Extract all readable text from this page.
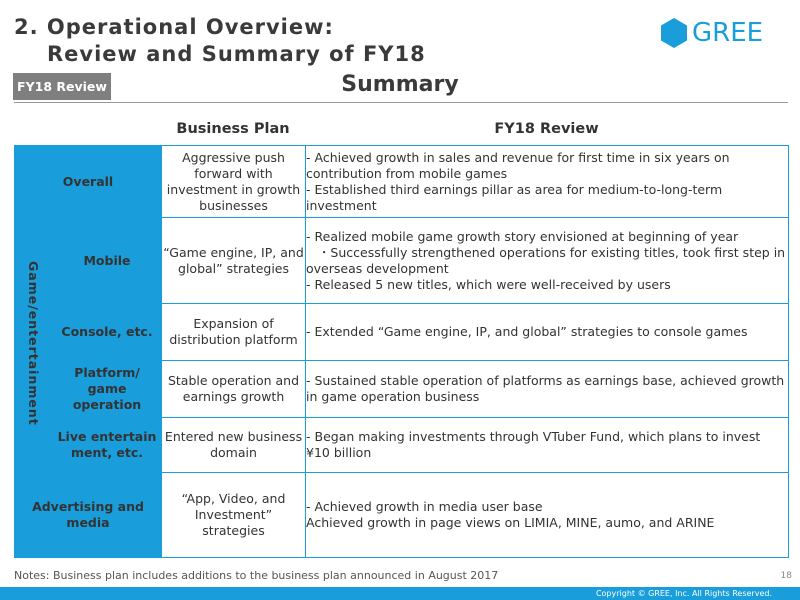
2. Operational Overview:
Review and Summary of FY18
GREE
FY18 Review	Summary
Business Plan	FY18 Review
Overall		Aggressive push forward with investment in growth businesses	- Achieved growth in sales and revenue for first time in six years on contribution from mobile games
- Established third earnings pillar as area for medium-to-long-term investment

Game/entertainment	Mobile	“Game engine, IP, and global” strategies	- Realized mobile game growth story envisioned at beginning of year
・Successfully strengthened operations for existing titles, took first step in overseas development
- Released 5 new titles, which were well-received by users

	Console, etc.	Expansion of distribution platform	- Extended “Game engine, IP, and global” strategies to console games

	Platform/ game operation	Stable operation and earnings growth	- Sustained stable operation of platforms as earnings base, achieved growth in game operation business

	Live entertain ment, etc.	Entered new business domain	- Began making investments through VTuber Fund, which plans to invest ¥10 billion

Advertising and media		“App, Video, and Investment” strategies	- Achieved growth in media user base
Achieved growth in page views on LIMIA, MINE, aumo, and ARINE
Notes: Business plan includes additions to the business plan announced in August 2017	18
Copyright © GREE, Inc. All Rights Reserved.
